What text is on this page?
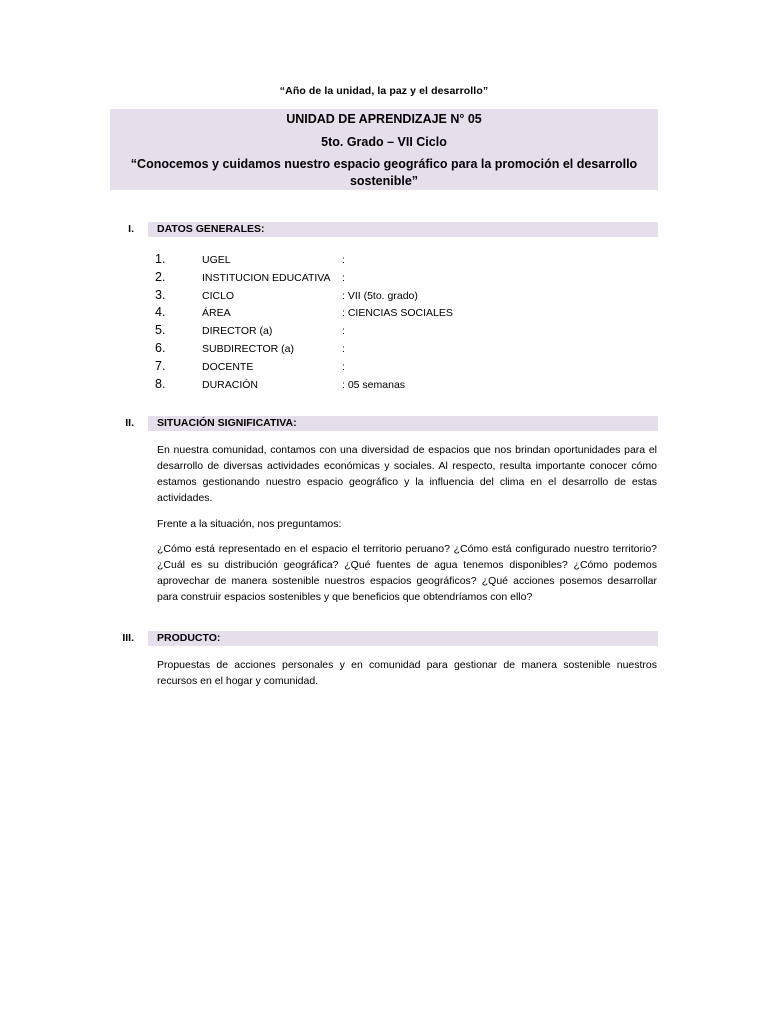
“Año de la unidad, la paz y el desarrollo”
UNIDAD DE APRENDIZAJE N° 05
5to. Grado – VII Ciclo
“Conocemos y cuidamos nuestro espacio geográfico para la promoción el desarrollo sostenible”
I. DATOS GENERALES:
1.	UGEL	:
2.	INSTITUCION EDUCATIVA :
3.	CICLO	: VII (5to. grado)
4.	ÁREA	: CIENCIAS SOCIALES
5.	DIRECTOR (a)	:
6.	SUBDIRECTOR (a)	:
7.	DOCENTE	:
8.	DURACIÓN	: 05 semanas
II. SITUACIÓN SIGNIFICATIVA:
En nuestra comunidad, contamos con una diversidad de espacios que nos brindan oportunidades para el desarrollo de diversas actividades económicas y sociales. Al respecto, resulta importante conocer cómo estamos gestionando nuestro espacio geográfico y la influencia del clima en el desarrollo de estas actividades.
Frente a la situación, nos preguntamos:
¿Cómo está representado en el espacio el territorio peruano? ¿Cómo está configurado nuestro territorio? ¿Cuál es su distribución geográfica? ¿Qué fuentes de agua tenemos disponibles? ¿Cómo podemos aprovechar de manera sostenible nuestros espacios geográficos? ¿Qué acciones posemos desarrollar para construir espacios sostenibles y que beneficios que obtendríamos con ello?
III. PRODUCTO:
Propuestas de acciones personales y en comunidad para gestionar de manera sostenible nuestros recursos en el hogar y comunidad.
